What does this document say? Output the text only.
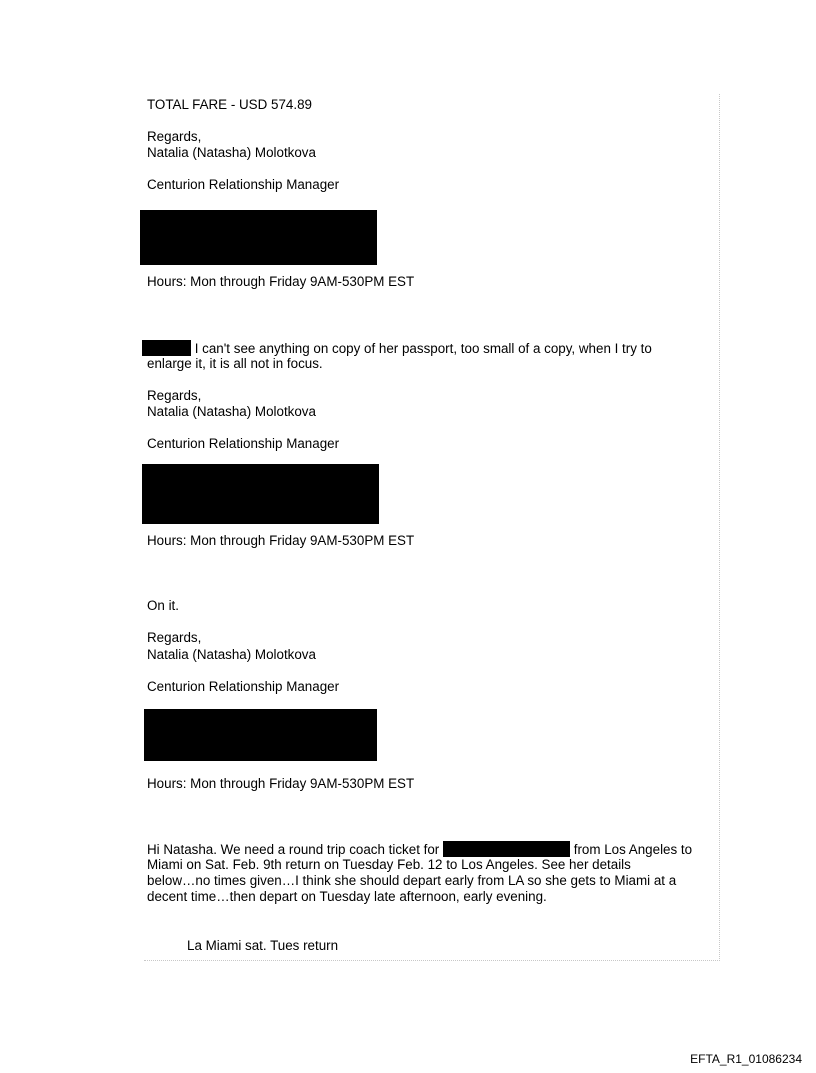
TOTAL FARE - USD 574.89
Regards,
Natalia (Natasha) Molotkova
Centurion Relationship Manager
Hours: Mon through Friday 9AM-530PM EST
I can't see anything on copy of her passport, too small of a copy, when I try to
enlarge it, it is all not in focus.
Regards,
Natalia (Natasha) Molotkova
Centurion Relationship Manager
Hours: Mon through Friday 9AM-530PM EST
On it.
Regards,
Natalia (Natasha) Molotkova
Centurion Relationship Manager
Hours: Mon through Friday 9AM-530PM EST
Hi Natasha. We need a round trip coach ticket for	from Los Angeles to
Miami on Sat. Feb. 9th return on Tuesday Feb. 12 to Los Angeles. See her details
below…no times given…I think she should depart early from LA so she gets to Miami at a
decent time…then depart on Tuesday late afternoon, early evening.
La Miami sat. Tues return
EFTA_R1_01086234
